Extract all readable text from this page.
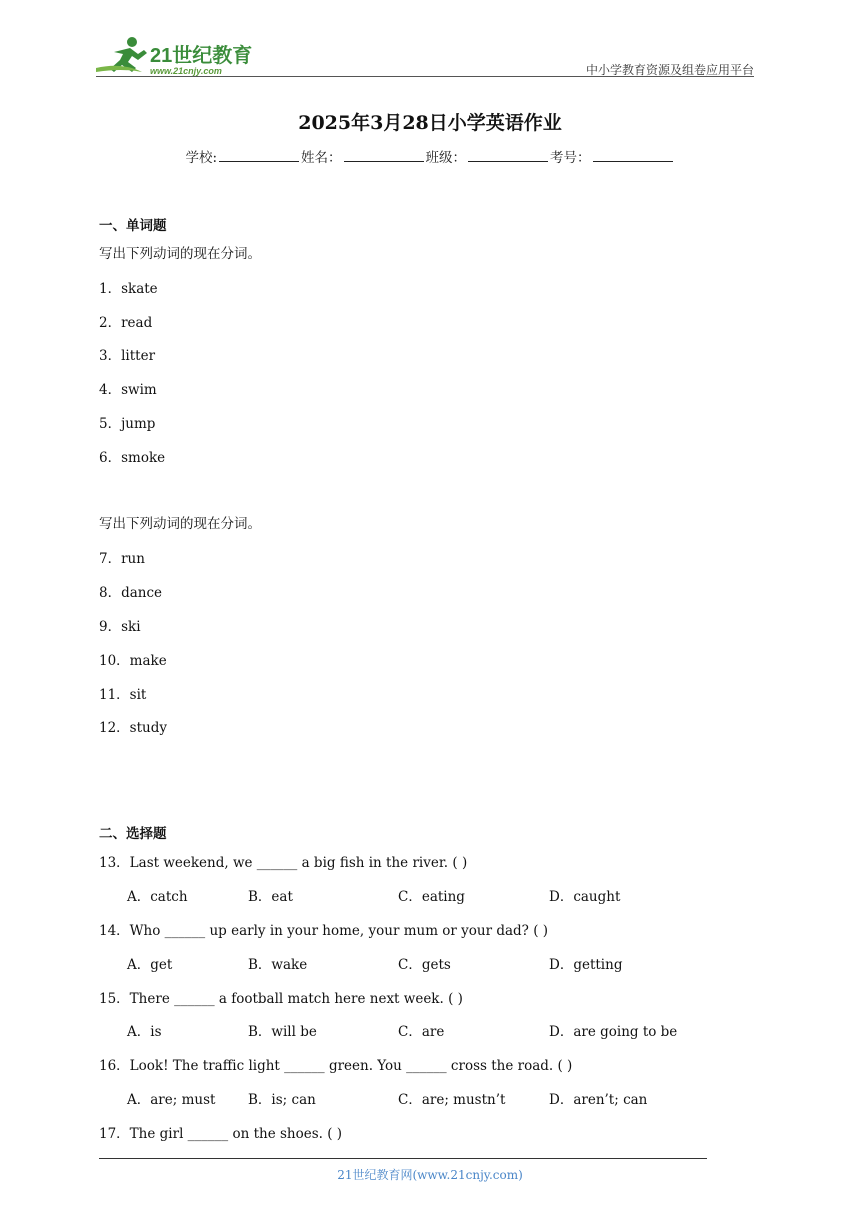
21世纪教育
www.21cnjy.com	中小学教育资源及组卷应用平台
2025年3月28日小学英语作业
学校:	姓名：	班级：	考号：
一、单词题
写出下列动词的现在分词。
1．skate
2．read
3．litter
4．swim
5．jump
6．smoke
写出下列动词的现在分词。
7．run
8．dance
9．ski
10．make
11．sit
12．study
二、选择题
13．Last weekend, we ______ a big fish in the river. ( )
A．catch	B．eat	C．eating	D．caught
14．Who ______ up early in your home, your mum or your dad? ( )
A．get	B．wake	C．gets	D．getting
15．There ______ a football match here next week. ( )
A．is	B．will be	C．are	D．are going to be
16．Look! The traffic light ______ green. You ______ cross the road. ( )
A．are; must B．is; can	C．are; mustn’t	D．aren’t; can
17．The girl ______ on the shoes. ( )
21世纪教育网(www.21cnjy.com)
